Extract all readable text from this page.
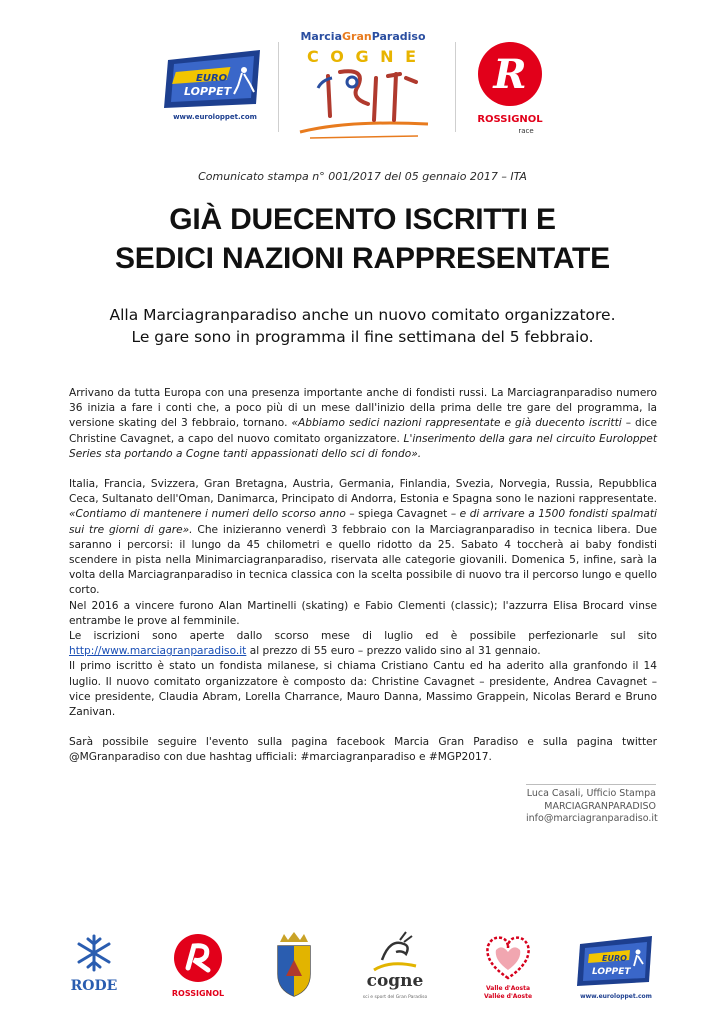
EURO
LOPPET
www.euroloppet.com
MarciaGranParadiso
C O G N E R
ROSSIGNOL
race
Comunicato stampa n° 001/2017 del 05 gennaio 2017 – ITA
GIÀ DUECENTO ISCRITTI E
SEDICI NAZIONI RAPPRESENTATE
Alla Marciagranparadiso anche un nuovo comitato organizzatore.
Le gare sono in programma il fine settimana del 5 febbraio.

Arrivano da tutta Europa con una presenza importante anche di fondisti russi. La Marciagranparadiso numero 36 inizia a fare i conti che, a poco più di un mese dall'inizio della prima delle tre gare del programma, la versione skating del 3 febbraio, tornano. «Abbiamo sedici nazioni rappresentate e già duecento iscritti – dice Christine Cavagnet, a capo del nuovo comitato organizzatore. L'inserimento della gara nel circuito Euroloppet Series sta portando a Cogne tanti appassionati dello sci di fondo».

Italia, Francia, Svizzera, Gran Bretagna, Austria, Germania, Finlandia, Svezia, Norvegia, Russia, Repubblica Ceca, Sultanato dell'Oman, Danimarca, Principato di Andorra, Estonia e Spagna sono le nazioni rappresentate. «Contiamo di mantenere i numeri dello scorso anno – spiega Cavagnet – e di arrivare a 1500 fondisti spalmati sui tre giorni di gare». Che inizieranno venerdì 3 febbraio con la Marciagranparadiso in tecnica libera. Due saranno i percorsi: il lungo da 45 chilometri e quello ridotto da 25. Sabato 4 toccherà ai baby fondisti scendere in pista nella Minimarciagranparadiso, riservata alle categorie giovanili. Domenica 5, infine, sarà la volta della Marciagranparadiso in tecnica classica con la scelta possibile di nuovo tra il percorso lungo e quello corto.

Nel 2016 a vincere furono Alan Martinelli (skating) e Fabio Clementi (classic); l'azzurra Elisa Brocard vinse entrambe le prove al femminile.

Le iscrizioni sono aperte dallo scorso mese di luglio ed è possibile perfezionarle sul sito http://www.marciagranparadiso.it al prezzo di 55 euro – prezzo valido sino al 31 gennaio.

Il primo iscritto è stato un fondista milanese, si chiama Cristiano Cantu ed ha aderito alla granfondo il 14 luglio. Il nuovo comitato organizzatore è composto da: Christine Cavagnet – presidente, Andrea Cavagnet – vice presidente, Claudia Abram, Lorella Charrance, Mauro Danna, Massimo Grappein, Nicolas Berard e Bruno Zanivan.

Sarà possibile seguire l'evento sulla pagina facebook Marcia Gran Paradiso e sulla pagina twitter @MGranparadiso con due hashtag ufficiali: #marciagranparadiso e #MGP2017.

Luca Casali, Ufficio Stampa
MARCIAGRANPARADISO
info@marciagranparadiso.it
RODE	ROSSIGNOL
cogne
sci e sport del Gran Paradiso
Valle d'Aosta
Vallée d'Aoste
EURO
LOPPET
www.euroloppet.com
